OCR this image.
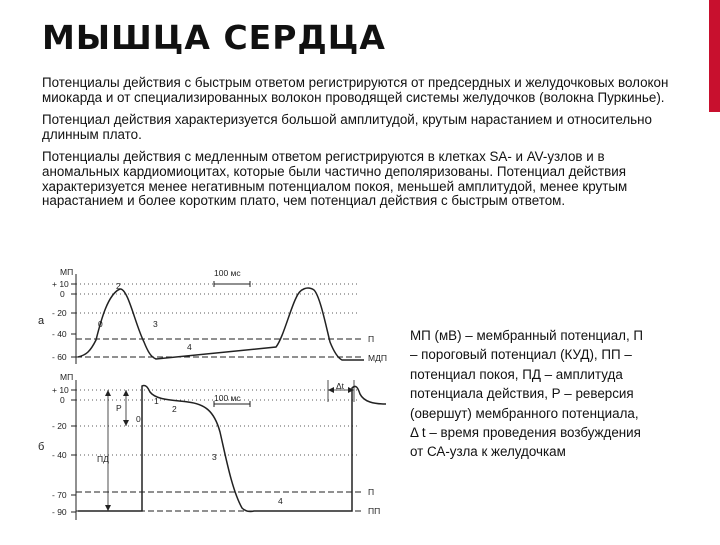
МЫШЦА СЕРДЦА

Потенциалы действия с быстрым ответом регистрируются от предсердных и желудочковых волокон миокарда и от специализированных волокон проводящей системы желудочков (волокна Пуркинье).

Потенциал действия характеризуется большой амплитудой, крутым нарастанием и относительно длинным плато.

Потенциалы действия с медленным ответом регистрируются в клетках SA- и AV-узлов и в аномальных кардиомиоцитах, которые были частично деполяризованы. Потенциал действия характеризуется менее негативным потенциалом покоя, меньшей амплитудой, менее крутым нарастанием и более коротким плато, чем потенциал действия с быстрым ответом.

МП
+ 10
0
- 20
- 40
- 60
а
100 мс
0
2
3
4
П
МДП
МП
+ 10
0
- 20
- 40
- 70
- 90
б
100 мс
Р
ПД
Δt
0
1
2
3
4
П
ПП
МП (мВ) – мембранный потенциал, П – пороговый потенциал (КУД), ПП – потенциал покоя, ПД – амплитуда потенциала действия, Р – реверсия (овершут) мембранного потенциала, Δ t – время проведения возбуждения от СА-узла к желудочкам
